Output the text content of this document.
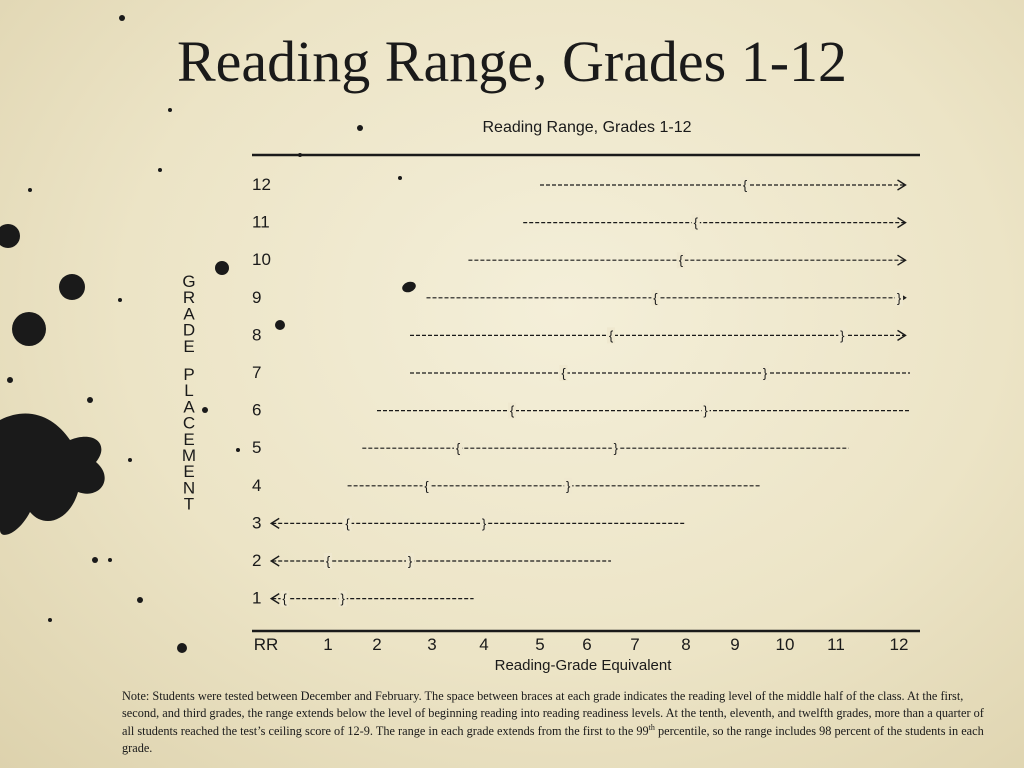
Reading Range, Grades 1-12
Reading Range, Grades 1-12
G
R
A
D
E
P
L
A
C
E
M
E
N
T
12
11
10
9
8
7
6
5
4
3
2
1
{
{
{
{	}
{	}
{	}
{	}
{	}
{	}
{	}
{	}
{	}
RR	1 2	3	4	5 6 7 8 9 10 11	12
Reading-Grade Equivalent
Note: Students were tested between December and February. The space between braces at each grade indicates the reading level of the middle half of the class. At the first, second, and third grades, the range extends below the level of beginning reading into reading readiness levels. At the tenth, eleventh, and twelfth grades, more than a quarter of all students reached the test’s ceiling score of 12-9. The range in each grade extends from the first to the 99th percentile, so the range includes 98 percent of the students in each grade.
